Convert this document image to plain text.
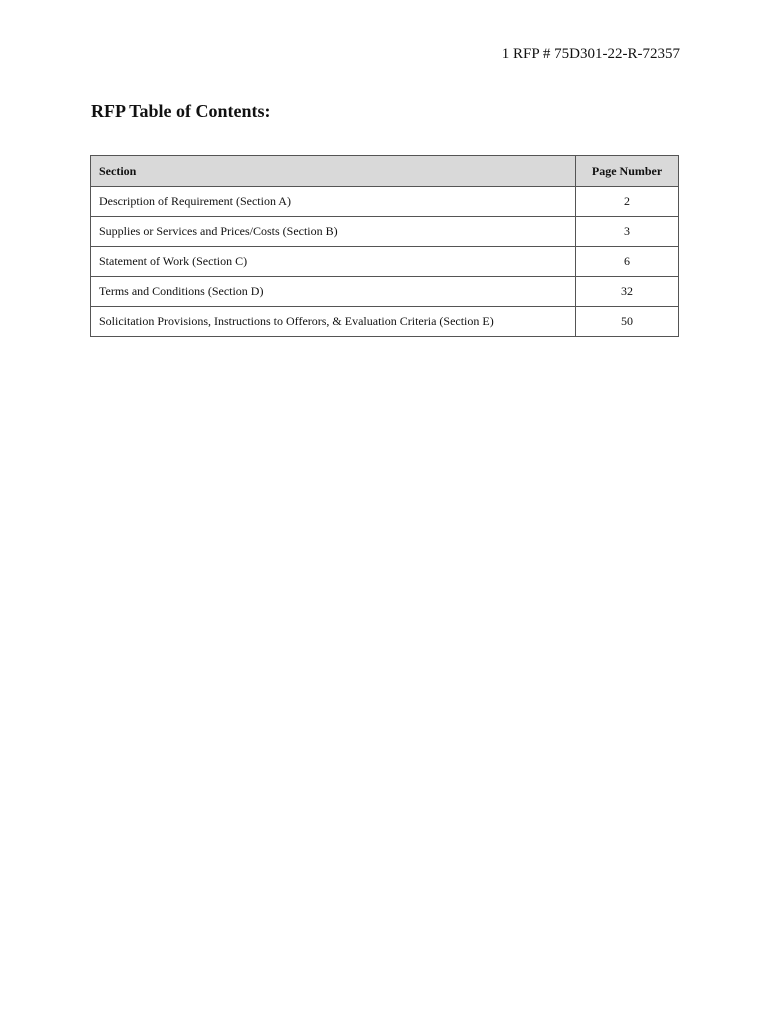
1 RFP # 75D301-22-R-72357
RFP Table of Contents:
Section	Page Number
Description of Requirement (Section A)	2
Supplies or Services and Prices/Costs (Section B)	3
Statement of Work (Section C)	6
Terms and Conditions (Section D)	32
Solicitation Provisions, Instructions to Offerors, & Evaluation Criteria (Section E)	50
